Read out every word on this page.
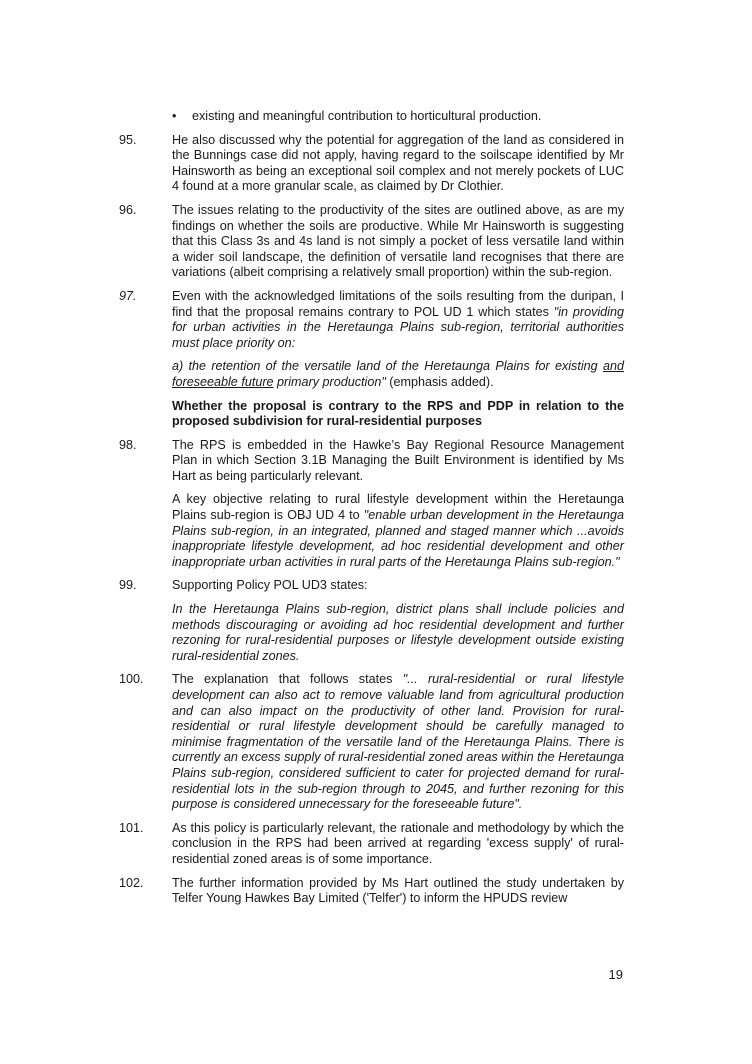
•	existing and meaningful contribution to horticultural production.
95.	He also discussed why the potential for aggregation of the land as considered in the Bunnings case did not apply, having regard to the soilscape identified by Mr Hainsworth as being an exceptional soil complex and not merely pockets of LUC 4 found at a more granular scale, as claimed by Dr Clothier.

96.	The issues relating to the productivity of the sites are outlined above, as are my findings on whether the soils are productive. While Mr Hainsworth is suggesting that this Class 3s and 4s land is not simply a pocket of less versatile land within a wider soil landscape, the definition of versatile land recognises that there are variations (albeit comprising a relatively small proportion) within the sub-region.

97.	Even with the acknowledged limitations of the soils resulting from the duripan, I find that the proposal remains contrary to POL UD 1 which states "in providing for urban activities in the Heretaunga Plains sub-region, territorial authorities must place priority on:

a) the retention of the versatile land of the Heretaunga Plains for existing and foreseeable future primary production" (emphasis added).

Whether the proposal is contrary to the RPS and PDP in relation to the proposed subdivision for rural-residential purposes
98.	The RPS is embedded in the Hawke’s Bay Regional Resource Management Plan in which Section 3.1B Managing the Built Environment is identified by Ms Hart as being particularly relevant.

A key objective relating to rural lifestyle development within the Heretaunga Plains sub-region is OBJ UD 4 to "enable urban development in the Heretaunga Plains sub-region, in an integrated, planned and staged manner which ...avoids inappropriate lifestyle development, ad hoc residential development and other inappropriate urban activities in rural parts of the Heretaunga Plains sub-region."

99.	Supporting Policy POL UD3 states:

In the Heretaunga Plains sub-region, district plans shall include policies and methods discouraging or avoiding ad hoc residential development and further rezoning for rural-residential purposes or lifestyle development outside existing rural-residential zones.

100.	The explanation that follows states "... rural-residential or rural lifestyle development can also act to remove valuable land from agricultural production and can also impact on the productivity of other land. Provision for rural-residential or rural lifestyle development should be carefully managed to minimise fragmentation of the versatile land of the Heretaunga Plains. There is currently an excess supply of rural-residential zoned areas within the Heretaunga Plains sub-region, considered sufficient to cater for projected demand for rural-residential lots in the sub-region through to 2045, and further rezoning for this purpose is considered unnecessary for the foreseeable future".

101.	As this policy is particularly relevant, the rationale and methodology by which the conclusion in the RPS had been arrived at regarding 'excess supply' of rural-residential zoned areas is of some importance.

102.	The further information provided by Ms Hart outlined the study undertaken by Telfer Young Hawkes Bay Limited ('Telfer') to inform the HPUDS review

19
